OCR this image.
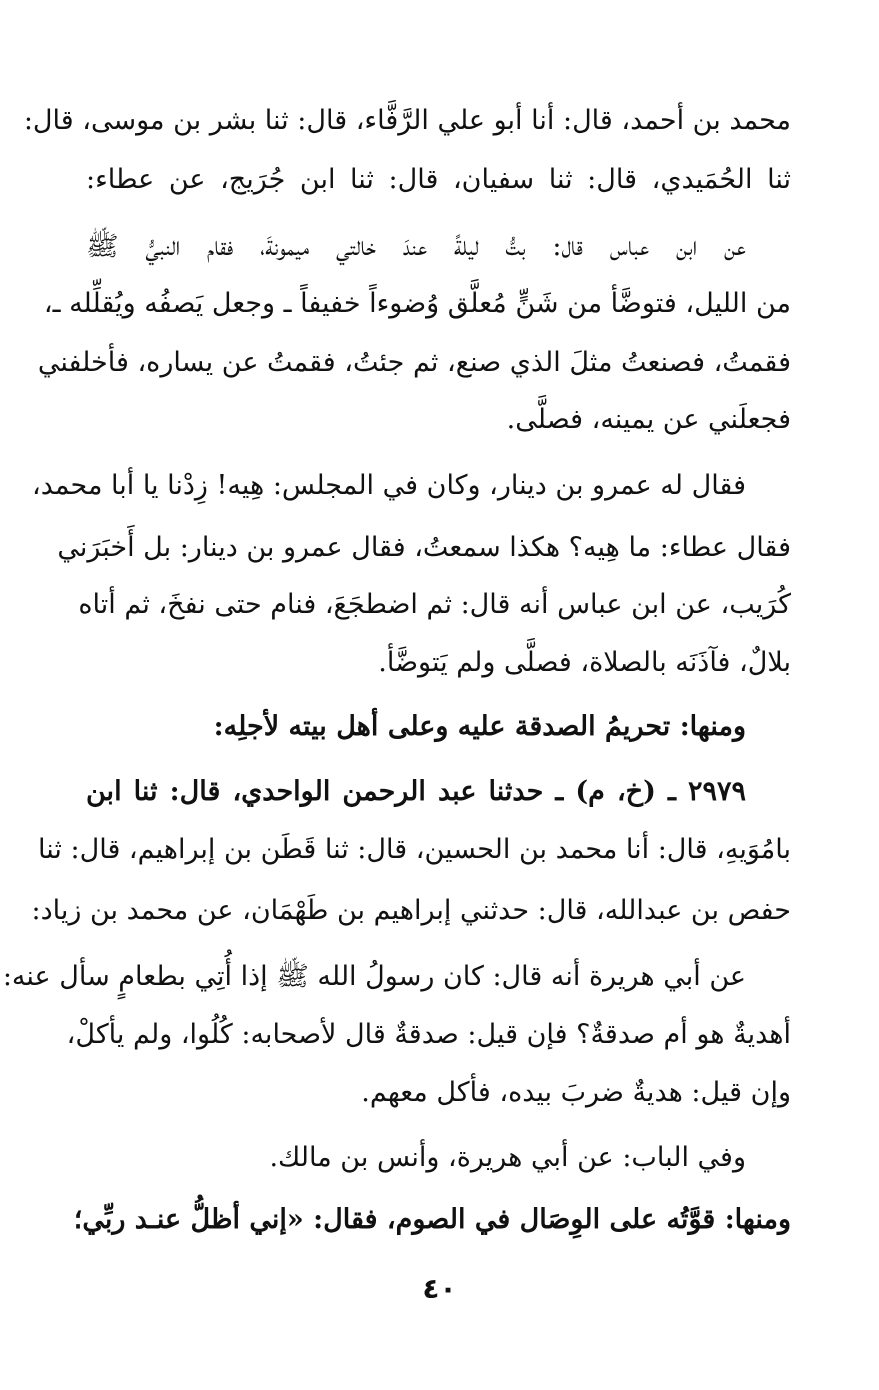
محمد بن أحمد، قال: أنا أبو علي الرَّفَّاء، قال: ثنا بشر بن موسى، قال:
ثنا الحُمَيدي، قال: ثنا سفيان، قال: ثنا ابن جُرَيج، عن عطاء:
عن ابن عباس قال: بتُّ ليلةً عندَ خالتي ميمونةَ، فقام النبيُّ ﷺ
من الليل، فتوضَّأ من شَنٍّ مُعلَّق وُضوءاً خفيفاً ـ وجعل يَصفُه ويُقلِّله ـ،
فقمتُ، فصنعتُ مثلَ الذي صنع، ثم جئتُ، فقمتُ عن يساره، فأخلفني
فجعلَني عن يمينه، فصلَّى.
فقال له عمرو بن دينار، وكان في المجلس: هِيه! زِدْنا يا أبا محمد،
فقال عطاء: ما هِيه؟ هكذا سمعتُ، فقال عمرو بن دينار: بل أَخبَرَني
كُرَيب، عن ابن عباس أنه قال: ثم اضطجَعَ، فنام حتى نفخَ، ثم أتاه
بلالٌ، فآذَنَه بالصلاة، فصلَّى ولم يَتوضَّأ.
ومنها: تحريمُ الصدقة عليه وعلى أهل بيته لأجلِه:
٢٩٧٩ ـ (خ، م) ـ حدثنا عبد الرحمن الواحدي، قال: ثنا ابن
بامُوَيهِ، قال: أنا محمد بن الحسين، قال: ثنا قَطَن بن إبراهيم، قال: ثنا
حفص بن عبدالله، قال: حدثني إبراهيم بن طَهْمَان، عن محمد بن زياد:
عن أبي هريرة أنه قال: كان رسولُ الله ﷺ إذا أُتِي بطعامٍ سأل عنه:
أهديةٌ هو أم صدقةٌ؟ فإن قيل: صدقةٌ قال لأصحابه: كُلُوا، ولم يأكلْ،
وإن قيل: هديةٌ ضربَ بيده، فأكل معهم.
وفي الباب: عن أبي هريرة، وأنس بن مالك.
ومنها: قوَّتُه على الوِصَال في الصوم، فقال: «إني أظلُّ عنـد ربِّي؛
٤٠
